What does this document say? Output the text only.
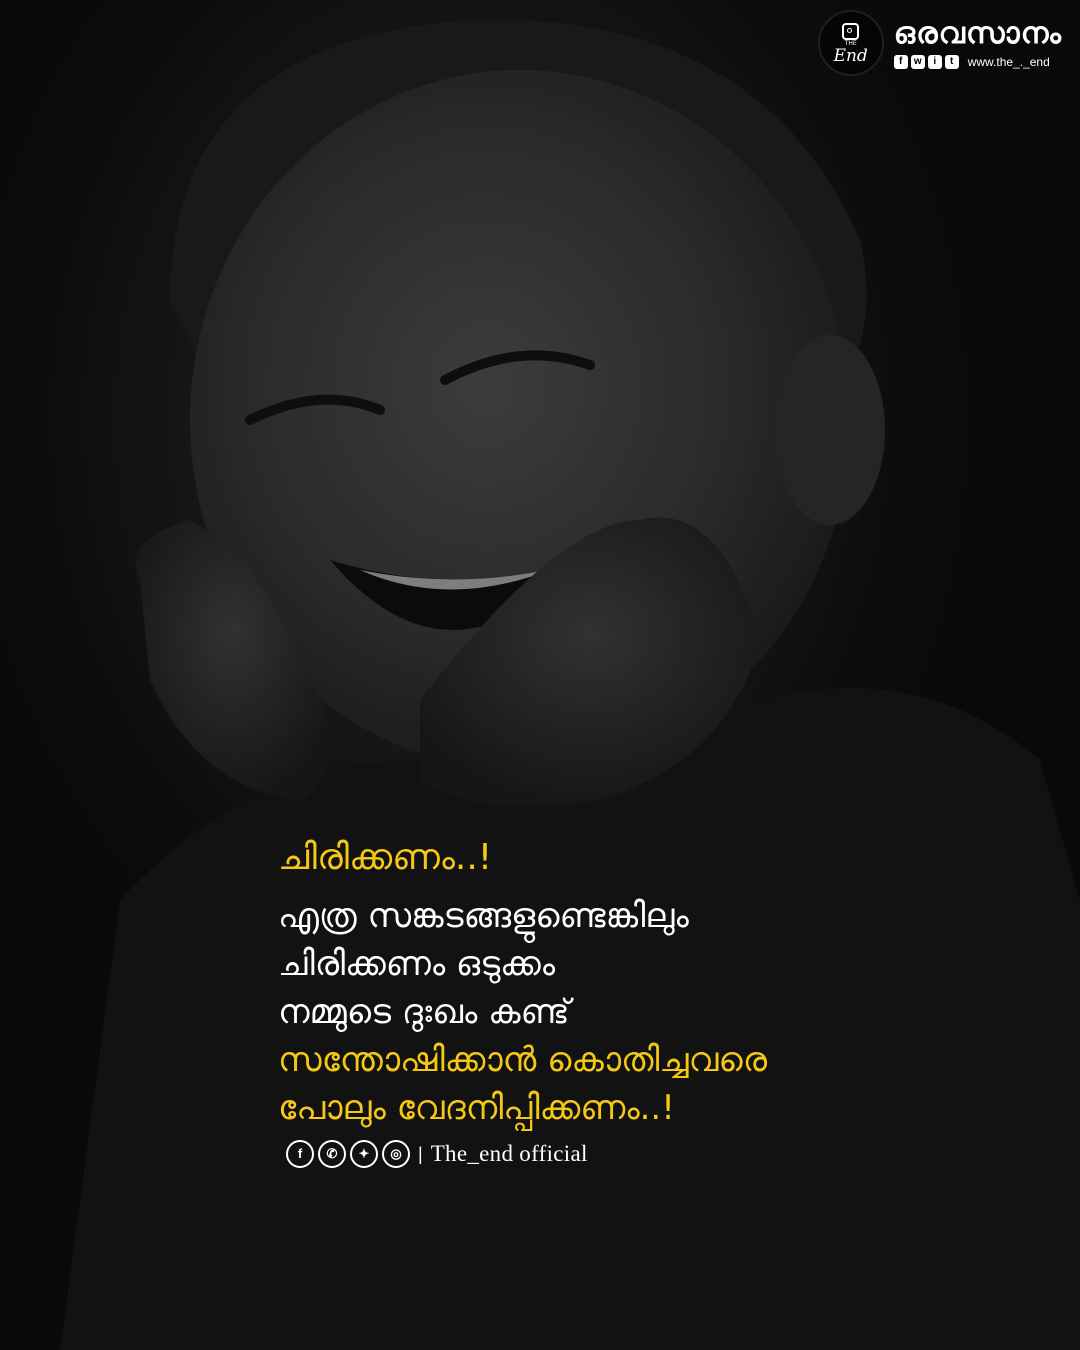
THE
End
ഒരവസാനം
f	w	i	t	www.the_._end
ചിരിക്കണം..!
എത്ര സങ്കടങ്ങളുണ്ടെങ്കിലും
ചിരിക്കണം ഒടുക്കം
നമ്മുടെ ദുഃഖം കണ്ട്
സന്തോഷിക്കാൻ കൊതിച്ചവരെ
പോലും വേദനിപ്പിക്കണം..!
f	✆	✦	◎ | The_end official
